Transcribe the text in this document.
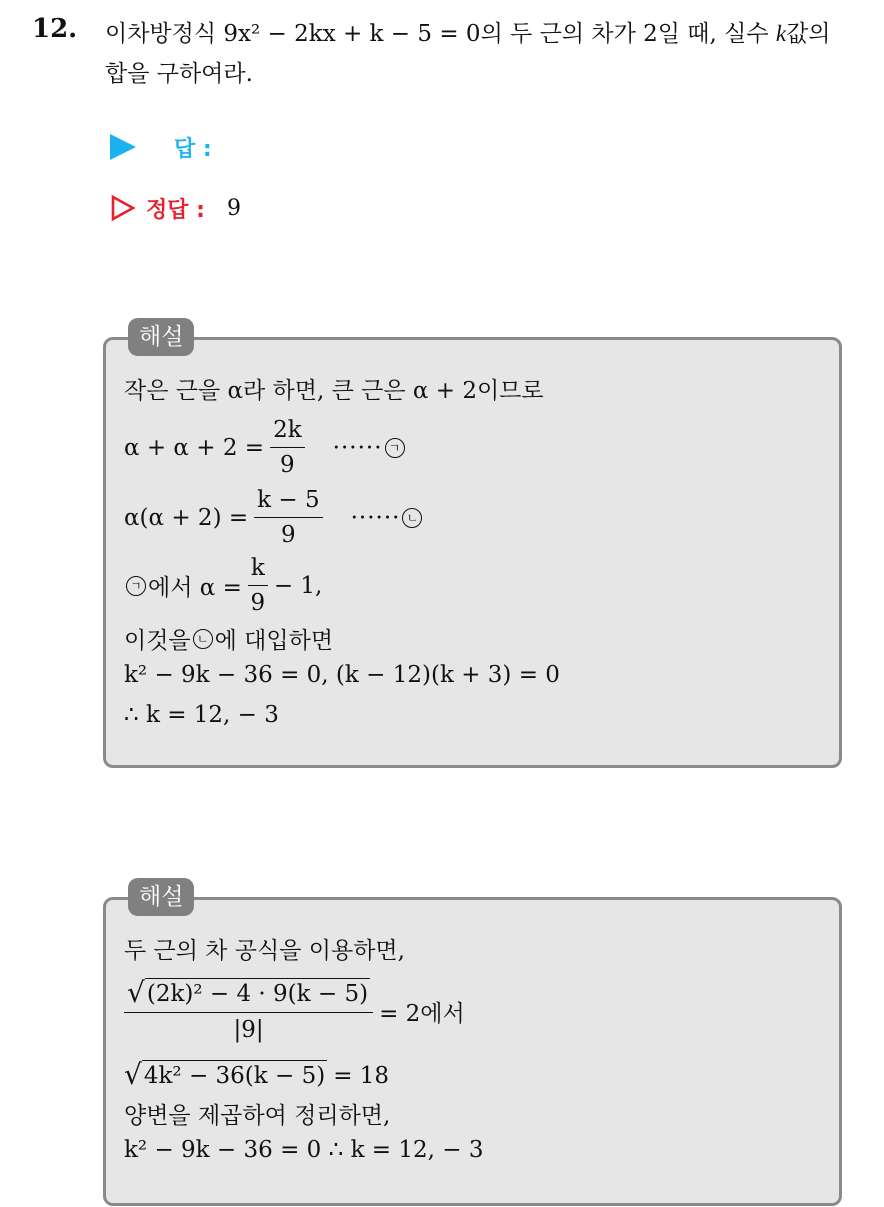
12. 이차방정식 9x² − 2kx + k − 5 = 0의 두 근의 차가 2일 때, 실수 k값의
합을 구하여라.
답 :
정답 : 9
해설
작은 근을 α라 하면, 큰 근은 α + 2이므로
$\alpha + \alpha + 2 = \frac{2k}{9}$ ······ ㄱ
$\alpha(\alpha + 2) = \frac{k - 5}{9}$ ······ ㄴ
ㄱ 에서 $\alpha = \frac{k}{9} - 1$,
이것을 ㄴ 에 대입하면
k² − 9k − 36 = 0, (k − 12)(k + 3) = 0
∴ k = 12, − 3
해설
두 근의 차 공식을 이용하면,
$\frac{\text{√ (2k)² − 4 · 9(k − 5)}}{|9|} = 2$에서
√ 4k² − 36(k − 5) = 18
양변을 제곱하여 정리하면,
k² − 9k − 36 = 0 ∴ k = 12, − 3
